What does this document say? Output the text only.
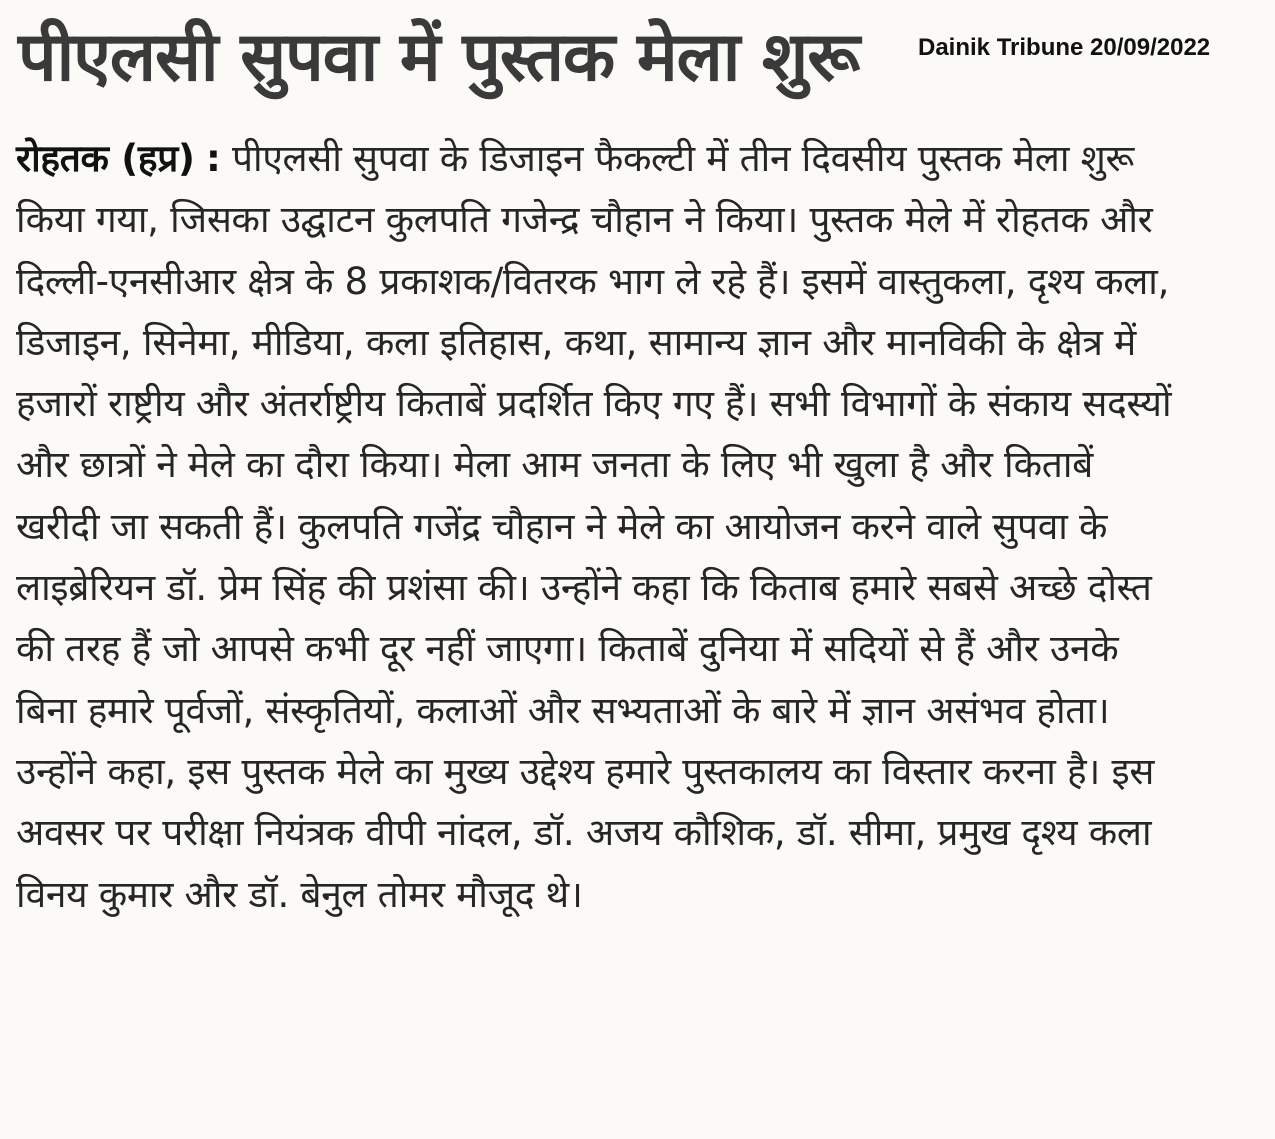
पीएलसी सुपवा में पुस्तक मेला शुरू	Dainik Tribune 20/09/2022

रोहतक (हप्र) : पीएलसी सुपवा के डिजाइन फैकल्टी में तीन दिवसीय पुस्तक मेला शुरू किया गया, जिसका उद्घाटन कुलपति गजेन्द्र चौहान ने किया। पुस्तक मेले में रोहतक और दिल्ली-एनसीआर क्षेत्र के 8 प्रकाशक/वितरक भाग ले रहे हैं। इसमें वास्तुकला, दृश्य कला, डिजाइन, सिनेमा, मीडिया, कला इतिहास, कथा, सामान्य ज्ञान और मानविकी के क्षेत्र में हजारों राष्ट्रीय और अंतर्राष्ट्रीय किताबें प्रदर्शित किए गए हैं। सभी विभागों के संकाय सदस्यों और छात्रों ने मेले का दौरा किया। मेला आम जनता के लिए भी खुला है और किताबें खरीदी जा सकती हैं। कुलपति गजेंद्र चौहान ने मेले का आयोजन करने वाले सुपवा के लाइब्रेरियन डॉ. प्रेम सिंह की प्रशंसा की। उन्होंने कहा कि किताब हमारे सबसे अच्छे दोस्त की तरह हैं जो आपसे कभी दूर नहीं जाएगा। किताबें दुनिया में सदियों से हैं और उनके बिना हमारे पूर्वजों, संस्कृतियों, कलाओं और सभ्यताओं के बारे में ज्ञान असंभव होता। उन्होंने कहा, इस पुस्तक मेले का मुख्य उद्देश्य हमारे पुस्तकालय का विस्तार करना है। इस अवसर पर परीक्षा नियंत्रक वीपी नांदल, डॉ. अजय कौशिक, डॉ. सीमा, प्रमुख दृश्य कला विनय कुमार और डॉ. बेनुल तोमर मौजूद थे।
